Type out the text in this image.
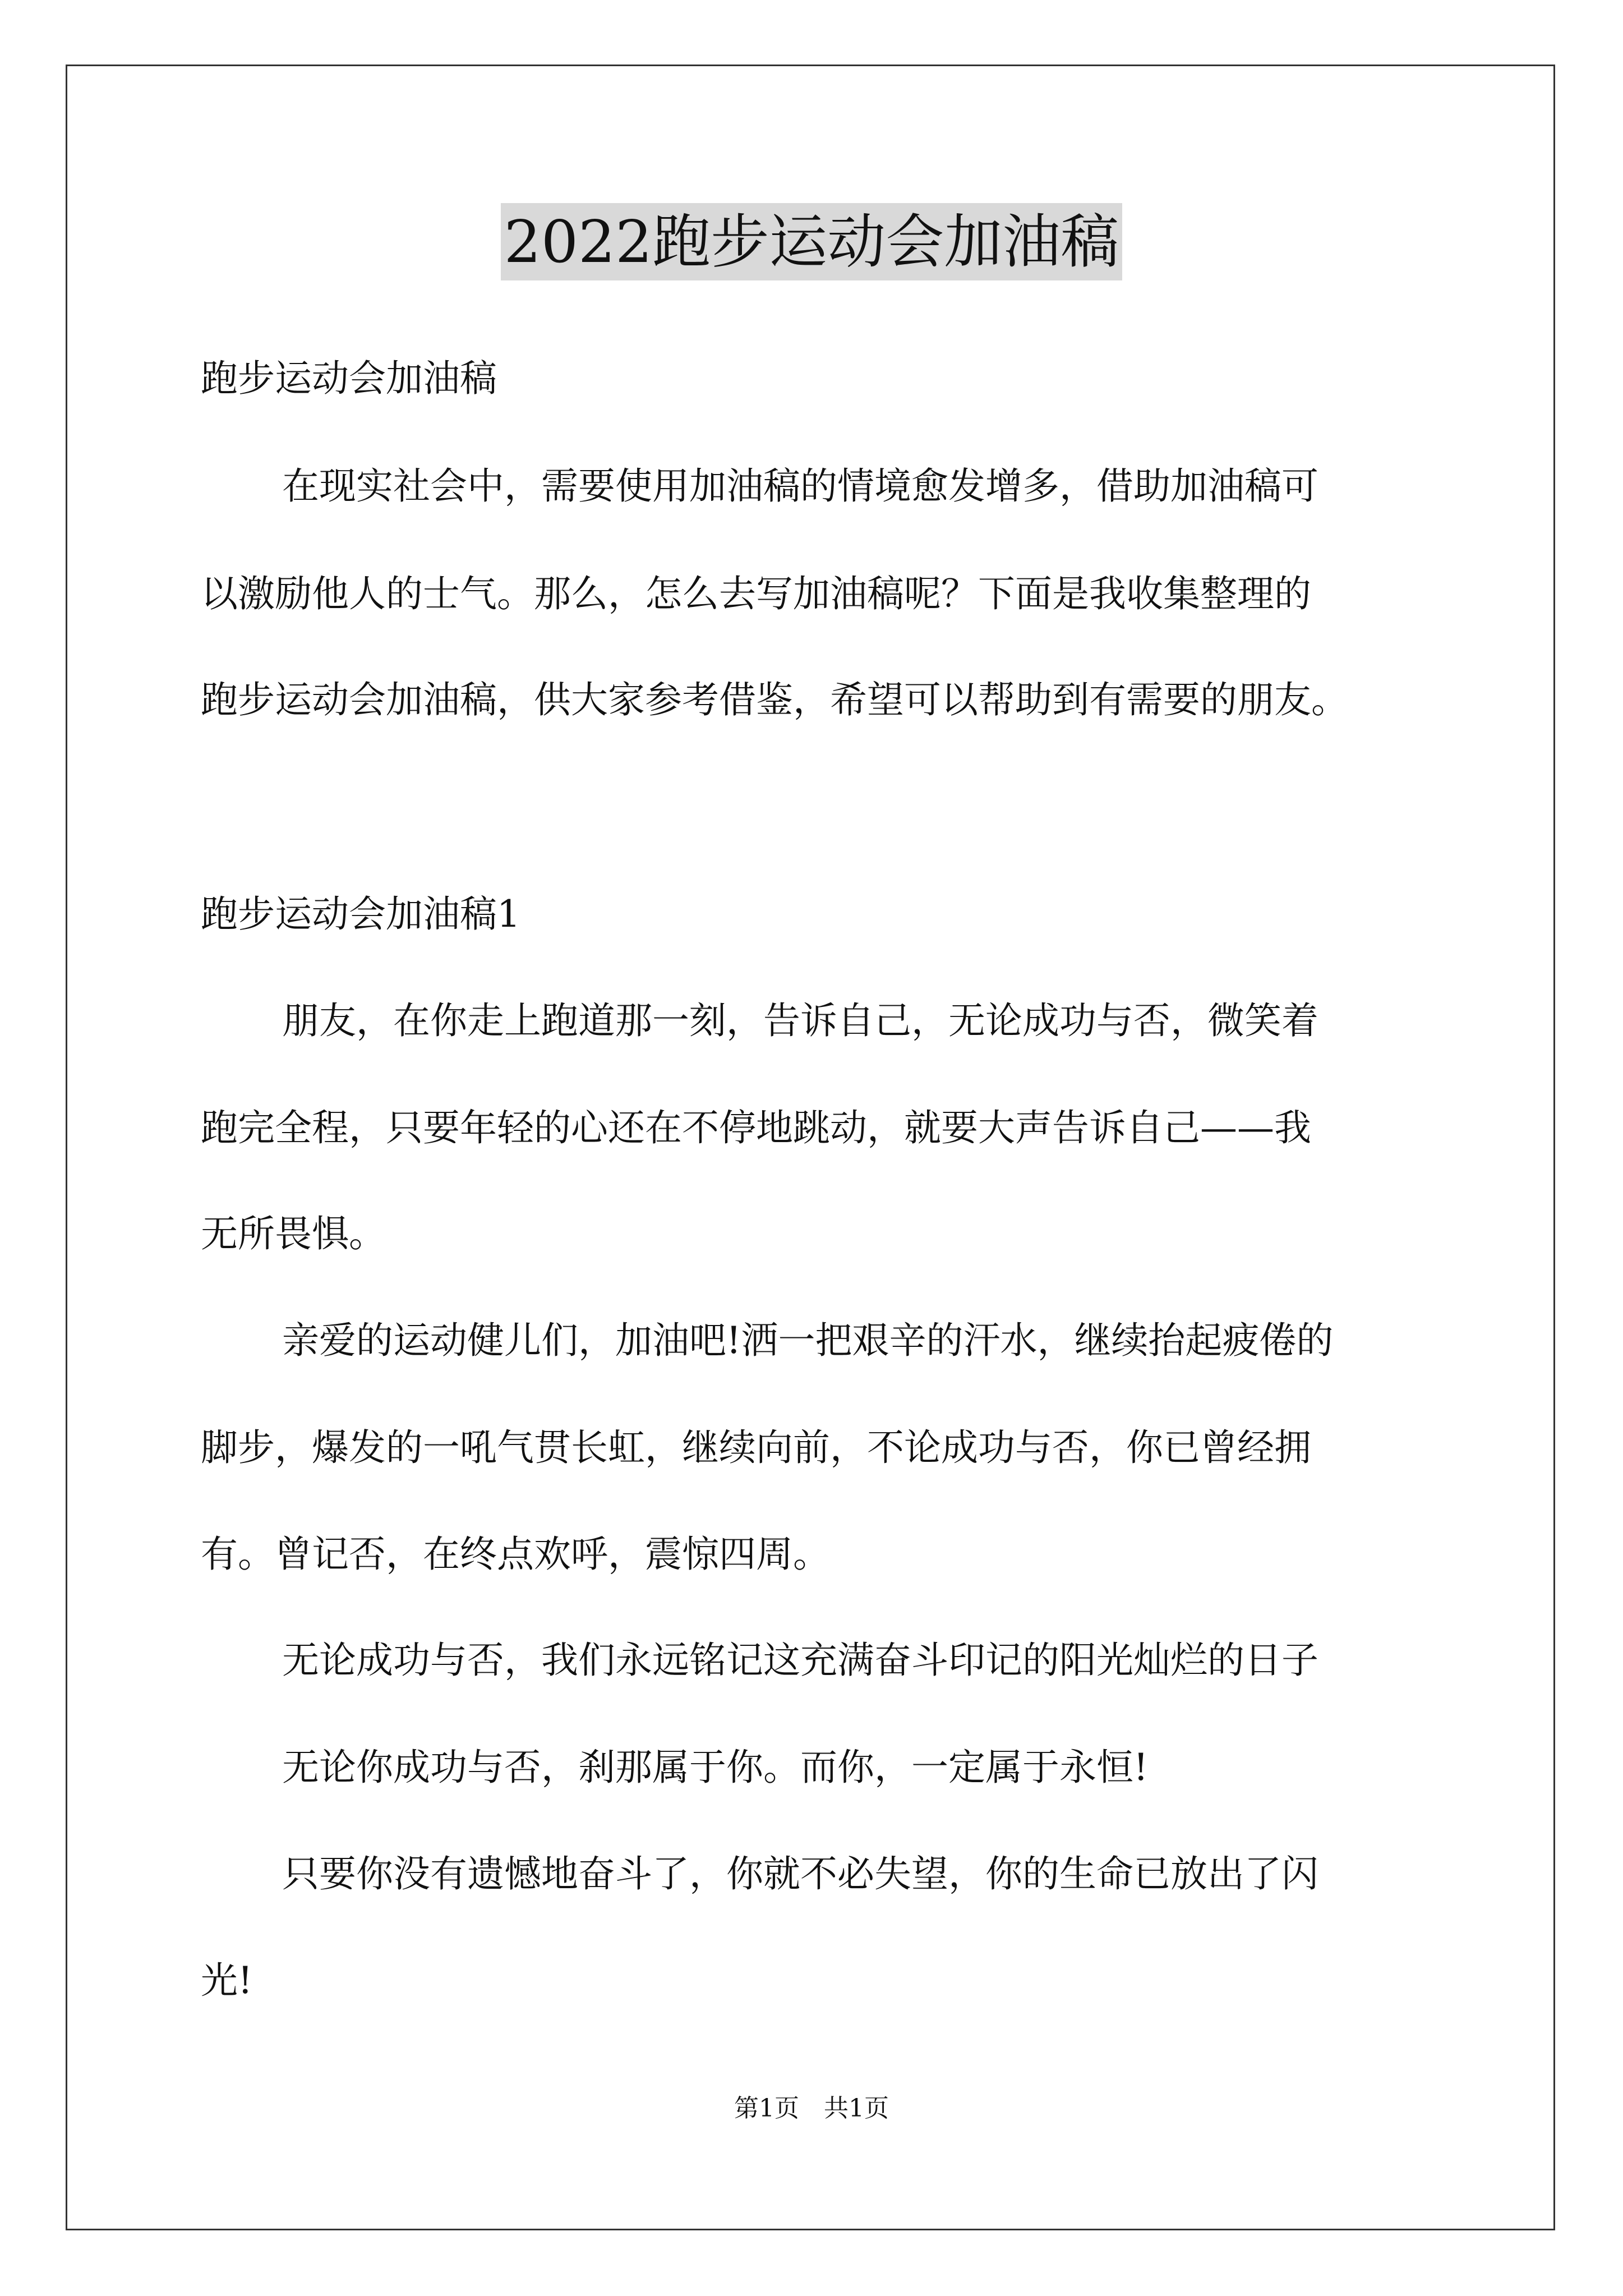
2022跑步运动会加油稿
跑步运动会加油稿
在现实社会中，需要使用加油稿的情境愈发增多，借助加油稿可
以激励他人的士气。那么，怎么去写加油稿呢？下面是我收集整理的
跑步运动会加油稿，供大家参考借鉴，希望可以帮助到有需要的朋友。
跑步运动会加油稿1
朋友，在你走上跑道那一刻，告诉自己，无论成功与否，微笑着
跑完全程，只要年轻的心还在不停地跳动，就要大声告诉自己——我
无所畏惧。
亲爱的运动健儿们，加油吧!洒一把艰辛的汗水，继续抬起疲倦的
脚步，爆发的一吼气贯长虹，继续向前，不论成功与否，你已曾经拥
有。曾记否，在终点欢呼，震惊四周。
无论成功与否，我们永远铭记这充满奋斗印记的阳光灿烂的日子
无论你成功与否，刹那属于你。而你，一定属于永恒!
只要你没有遗憾地奋斗了，你就不必失望，你的生命已放出了闪
光!
第1页　共1页
